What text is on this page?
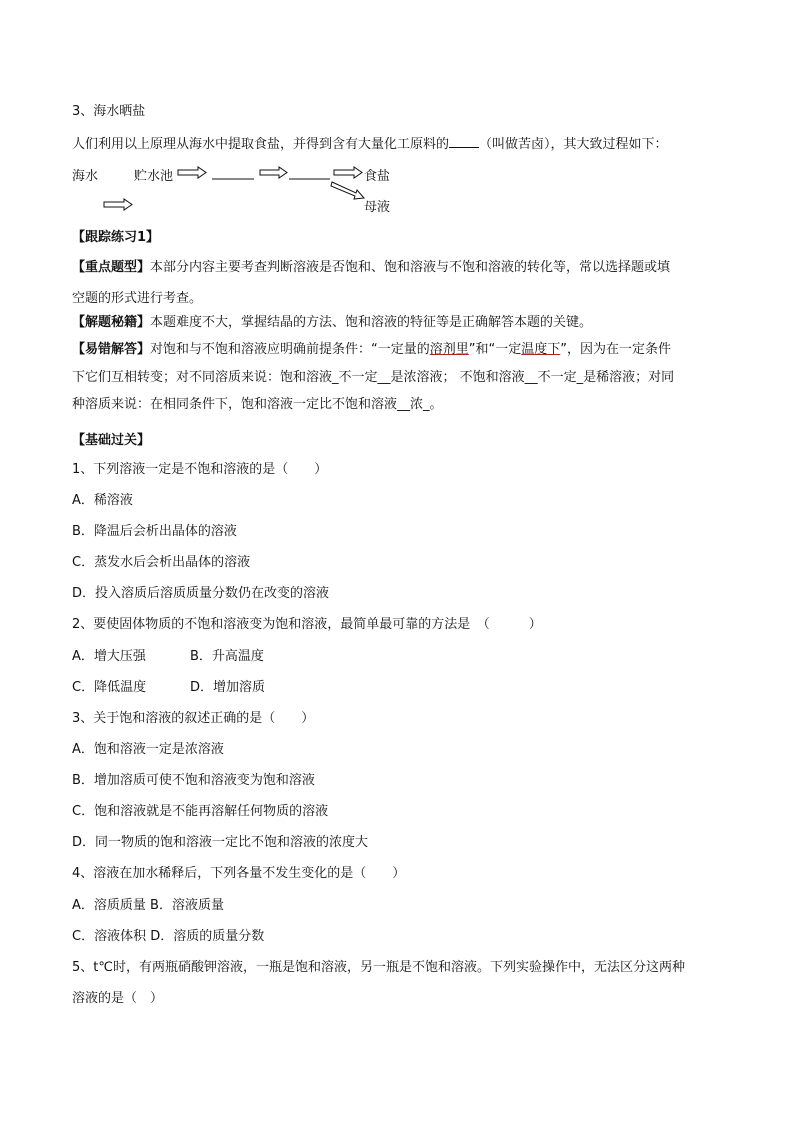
3、海水晒盐
人们利用以上原理从海水中提取食盐，并得到含有大量化工原料的 （叫做苦卤），其大致过程如下：
海水	贮水池	食盐
母液
【跟踪练习1】
【重点题型】本部分内容主要考查判断溶液是否饱和、饱和溶液与不饱和溶液的转化等，常以选择题或填
空题的形式进行考查。
【解题秘籍】本题难度不大，掌握结晶的方法、饱和溶液的特征等是正确解答本题的关键。
【易错解答】对饱和与不饱和溶液应明确前提条件：“一定量的溶剂里”和“一定温度下”，因为在一定条件
下它们互相转变；对不同溶质来说：饱和溶液_不一定__是浓溶液； 不饱和溶液__不一定_是稀溶液；对同
种溶质来说：在相同条件下，饱和溶液一定比不饱和溶液__浓_。
【基础过关】
1、下列溶液一定是不饱和溶液的是（　　）
A．稀溶液
B．降温后会析出晶体的溶液
C．蒸发水后会析出晶体的溶液
D．投入溶质后溶质质量分数仍在改变的溶液
2、要使固体物质的不饱和溶液变为饱和溶液，最简单最可靠的方法是　（　　　）
A．增大压强	B．升高温度
C．降低温度	D．增加溶质
3、关于饱和溶液的叙述正确的是（　　）
A．饱和溶液一定是浓溶液
B．增加溶质可使不饱和溶液变为饱和溶液
C．饱和溶液就是不能再溶解任何物质的溶液
D．同一物质的饱和溶液一定比不饱和溶液的浓度大
4、溶液在加水稀释后，下列各量不发生变化的是（　　）
A．溶质质量 B．溶液质量
C．溶液体积 D．溶质的质量分数
5、t℃时，有两瓶硝酸钾溶液，一瓶是饱和溶液，另一瓶是不饱和溶液。下列实验操作中，无法区分这两种
溶液的是（　）
